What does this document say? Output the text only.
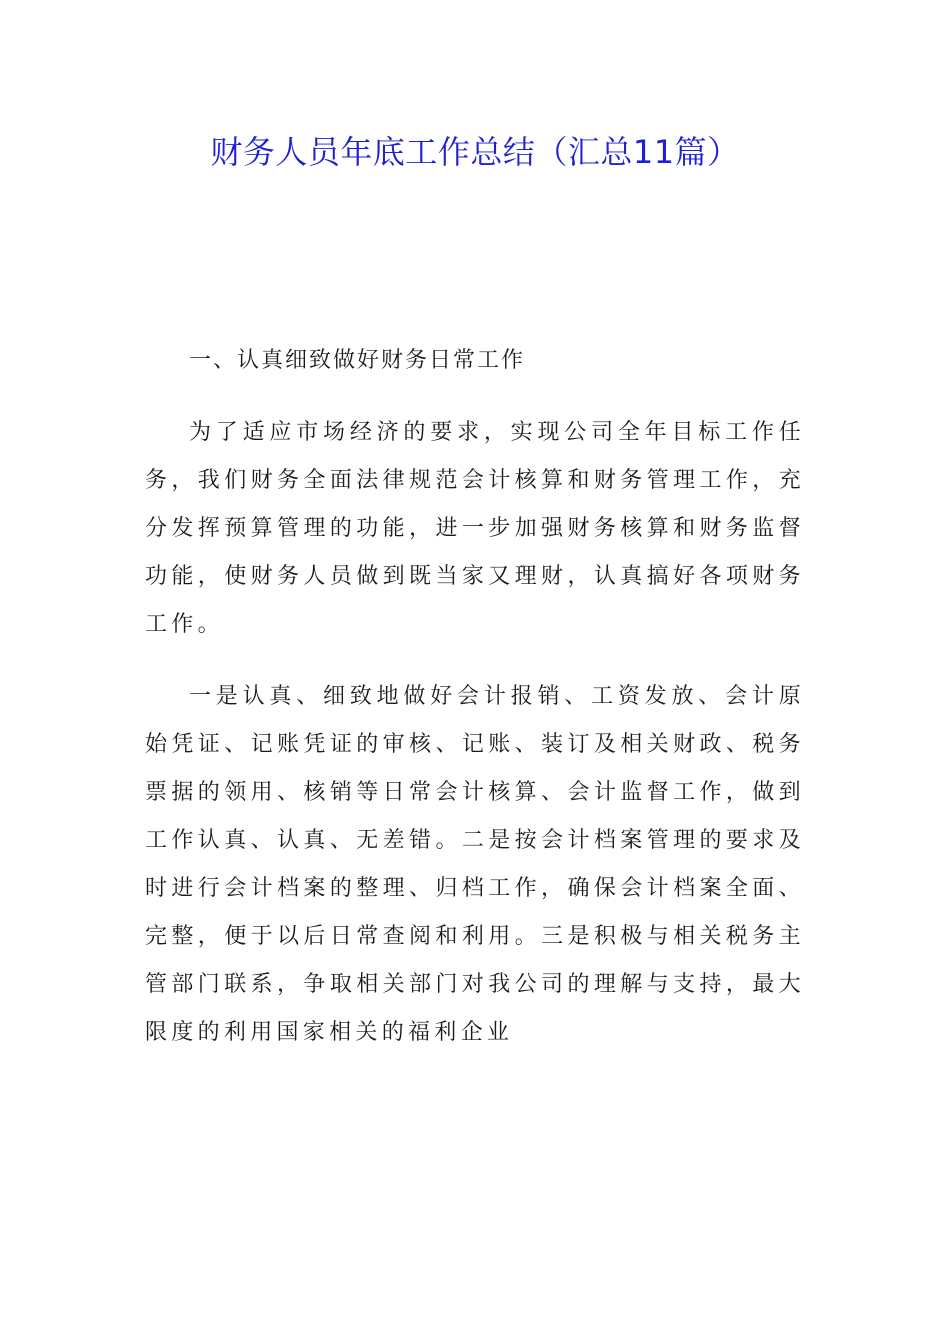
财务人员年底工作总结（汇总11篇）

一、认真细致做好财务日常工作

为了适应市场经济的要求，实现公司全年目标工作任务，我们财务全面法律规范会计核算和财务管理工作，充分发挥预算管理的功能，进一步加强财务核算和财务监督功能，使财务人员做到既当家又理财，认真搞好各项财务工作。

一是认真、细致地做好会计报销、工资发放、会计原始凭证、记账凭证的审核、记账、装订及相关财政、税务票据的领用、核销等日常会计核算、会计监督工作，做到工作认真、认真、无差错。二是按会计档案管理的要求及时进行会计档案的整理、归档工作，确保会计档案全面、完整，便于以后日常查阅和利用。三是积极与相关税务主管部门联系，争取相关部门对我公司的理解与支持，最大限度的利用国家相关的福利企业
